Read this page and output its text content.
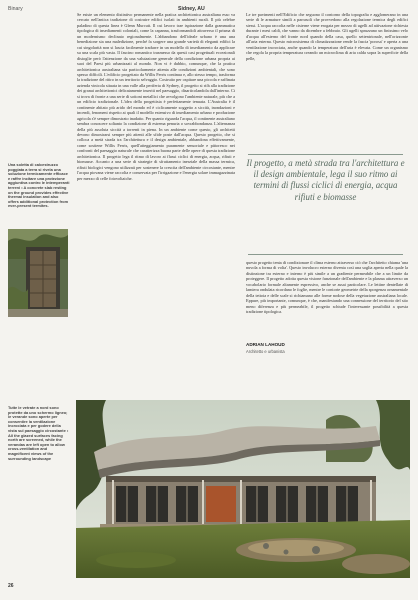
Binary	Sidney, AU
Una soletta di calcestruzzo poggiata a terra si rivela una soluzione termicamente efficace e raffre incitare una protezione aggiuntiva contro le intemperanti terreni • A concrete slab resting on the ground provides effective thermal insulation and also offers additional protection from ever-present termites.
Tutte le vetrate a nord sono protette da uno schermo ligneo; le verande sono aperte per consentire la ventilazione incrociata e per godere della vista sul paesaggio circostante • All the glazed surfaces facing north are screened, while the verandas are left open to allow cross-ventilation and magnificent views of the surrounding landscape
Se esiste un elemento distintivo permanente nella pratica architettonica australiana esso va cercato nell'antica tradizione di costruire edifici isolati in ambienti rurali. Il più celebre paladino di questa linea è Glenn Murcutt. Il cui lavoro trae ispirazione dalla grammatica tipologica di insediamenti coloniali, come la capanna, trasformandoli attraverso il prisma di un modernismo declinato regionalmente. L'abbandono dell'ideale urbano è una una benedizione sia una maledizione, perché fa sorgere una grande varietà di eleganti edifici la cui singolarità non si lascia facilmente tradurre in un modello di insediamento da applicare su una scala più vasta. Il fascino romantico trasmesso da questi casi progettuali eccezionali distoglie però l'attenzione da una valutazione generale della condizione urbana propria ai suoi del Paesi più urbanizzati al mondo. Non vi è dubbio, comunque, che la pratica architettonica australiana sia particolarmente attenta alle condizioni ambientali, che sono spesso difficili. L'edificio progettato da Willis Ferris continua e, allo stesso tempo, trasforma la tradizione del ritiro in un territorio selvaggio. Costruito per ospitare una piccola e raffinata azienda vinicola situata in una valle alla periferia di Sydney, il progetto si rifà alla tradizione dei granai architettonici delicatamente inseriti nel paesaggio, disarticolandola dall'interno. Ci si trova di fronte a una serie di sottoni metallici che avvolgono l'ambiente naturale, più che a un edificio tradizionale. L'idea della progettista è perfettamente tenuata. L'Australia è il continente abitato più arido del mondo ed è ciclicamente soggetto a siccità, inondazioni e incendi, fenomeni rispetto ai quali il modello estensivo di insediamento urbano e produzione agricola s'è sempre dimostrato inadatto. Per quanto riguarda l'acqua, il continente australiano sembra conoscere soltanto la condizione di estrema penuria o sovrabbondanza. L'alternanza della più assoluta siccità a torrenti in piena. In un ambiente come questo, gli architetti devono dimostrarsi sempre più attenti alle sfide poste dall'acqua. Questo progetto, che si colloca a metà strada tra l'architettura e il design ambientale, abbandona effettivamente, come sostiene Willis Ferris, quell'atteggiamento puramente sensoriale e pittoresco nei confronti del paesaggio naturale che caratterizza buona parte delle opere di questa tradizione architettonica. Il progetto lega il ritmo di lavoro ai flussi ciclici di energia, acqua, rifiuti e biomasse. Accanto a una serie di strategie di sfruttamento inerziale della massa termica, rifiuti biologici vengono utilizzati per sostenere la crescita dell'ambiente circostante, mentre l'acqua piovana viene raccolta e conservata per l'irrigazione e l'energia solare immagazzinata per mezzo di celle fotovoltaiche.
Le tre pavimenti nell'Edificio che seguono il contorno della topografia e agglomerano in una serie di le armature simili a parrasoli che provvedono alla regolazione termica degli edifici stessi. L'acqua raccolta nelle cisterne viene erogata per mezzo di ugelli ad attivazione richiesta durante i mesi caldi, che vanno da dicembre a febbraio. Gli ugelli spruzzano un finissimo velo d'acqua all'esterno del fronte nord quando della casa, quello settentrionale, nell'orizzonte all'aria esterna. Questo microsistema di climatizzazione rende la fascia 'porosa' e aperta a una ventilazione incrociata, anche quando la temperatura dell'aria è elevata. Come un organismo che regola la propria temperatura creando un microclima di aria calda sopra la superficie della pelle,
Il progetto, a metà strada tra l'architettura e il design ambientale, lega il suo ritmo ai termini di flussi ciclici di energia, acqua rifiuti e biomasse
questo progetto tenta di condizionare il clima esterno attraverso ciò che l'architetto chiama 'una nuvola a forma di volta'. Questo involucro esterno diventa così una soglia aperta nella quale la distinzione tra esterno e interno è più simile a un gradiente permeabile che a un limite da proteggere. Il progetto adotta questa visione funzionale dell'ambiente e la plasma attraverso un vocabolario formale altamente espressivo, anche se assai particolare. Le lettine dentellate di lamiera ondulata ricordano le foglie, mentre le contorte geometrie della sporgenza ornamentale della tettoia e delle scale si richiamano alle forme nodose della vegetazione australiana locale. Eppure, più importante, comunque, è che, manifestando una connessione del territorio del sito meno diferenza e più permeabile, il progetto schiude l'interessante possibilità a questa tradizione tipologica.
ADRIAN LAHOUD
Architetto e urbanista
26
